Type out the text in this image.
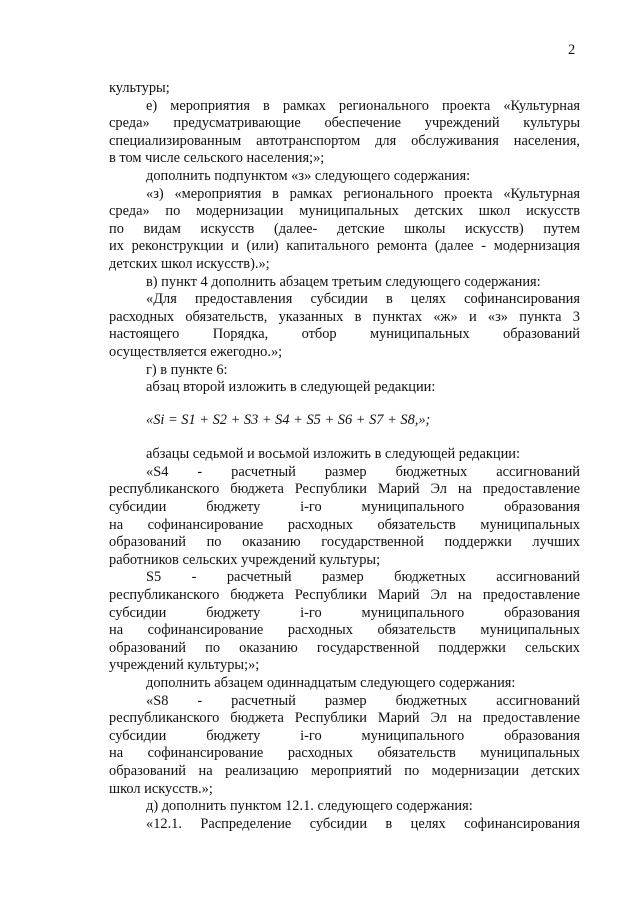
2
культуры;
е) мероприятия в рамках регионального проекта «Культурная
среда» предусматривающие обеспечение учреждений культуры
специализированным автотранспортом для обслуживания населения,
в том числе сельского населения;»;
дополнить подпунктом «з» следующего содержания:
«з) «мероприятия в рамках регионального проекта «Культурная
среда» по модернизации муниципальных детских школ искусств
по видам искусств (далее- детские школы искусств) путем
их реконструкции и (или) капитального ремонта (далее - модернизация
детских школ искусств).»;
в) пункт 4 дополнить абзацем третьим следующего содержания:
«Для предоставления субсидии в целях софинансирования
расходных обязательств, указанных в пунктах «ж» и «з» пункта 3
настоящего Порядка, отбор муниципальных образований
осуществляется ежегодно.»;
г) в пункте 6:
абзац второй изложить в следующей редакции:
«Si = S1 + S2 + S3 + S4 + S5 + S6 + S7 + S8,»;
абзацы седьмой и восьмой изложить в следующей редакции:
«S4 - расчетный размер бюджетных ассигнований
республиканского бюджета Республики Марий Эл на предоставление
субсидии бюджету i-го муниципального образования
на софинансирование расходных обязательств муниципальных
образований по оказанию государственной поддержки лучших
работников сельских учреждений культуры;
S5 - расчетный размер бюджетных ассигнований
республиканского бюджета Республики Марий Эл на предоставление
субсидии бюджету i-го муниципального образования
на софинансирование расходных обязательств муниципальных
образований по оказанию государственной поддержки сельских
учреждений культуры;»;
дополнить абзацем одиннадцатым следующего содержания:
«S8 - расчетный размер бюджетных ассигнований
республиканского бюджета Республики Марий Эл на предоставление
субсидии бюджету i-го муниципального образования
на софинансирование расходных обязательств муниципальных
образований на реализацию мероприятий по модернизации детских
школ искусств.»;
д) дополнить пунктом 12.1. следующего содержания:
«12.1. Распределение субсидии в целях софинансирования
